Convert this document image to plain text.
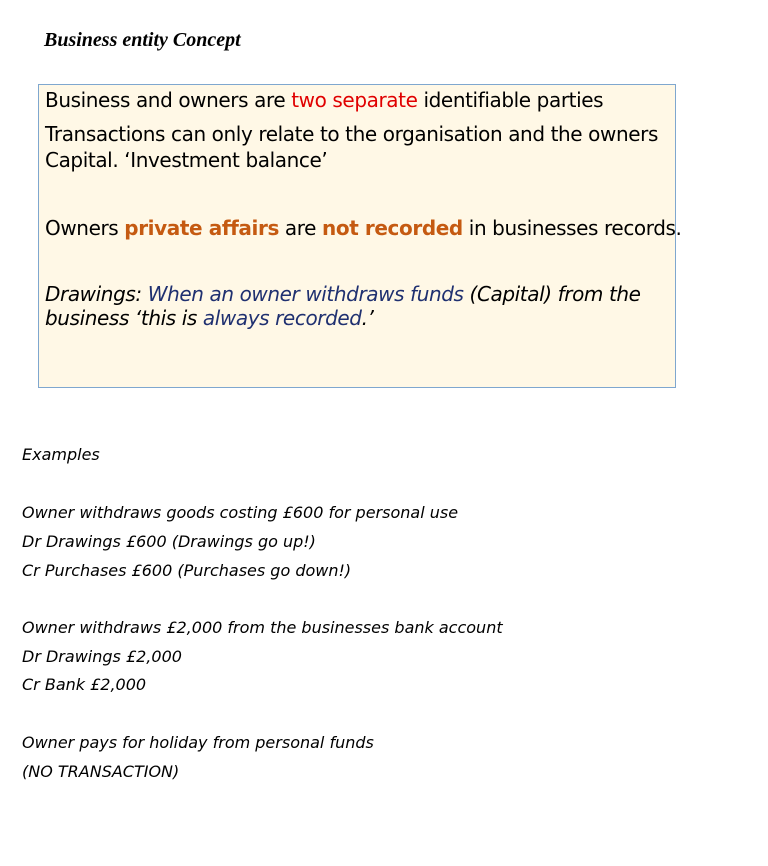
Business entity Concept
Business and owners are two separate identifiable parties
Transactions can only relate to the organisation and the owners
Capital. ‘Investment balance’
Owners private affairs are not recorded in businesses records.
Drawings: When an owner withdraws funds (Capital) from the
business ‘this is always recorded.’
Examples
Owner withdraws goods costing £600 for personal use
Dr Drawings £600 (Drawings go up!)
Cr Purchases £600 (Purchases go down!)
Owner withdraws £2,000 from the businesses bank account
Dr Drawings £2,000
Cr Bank £2,000
Owner pays for holiday from personal funds
(NO TRANSACTION)
